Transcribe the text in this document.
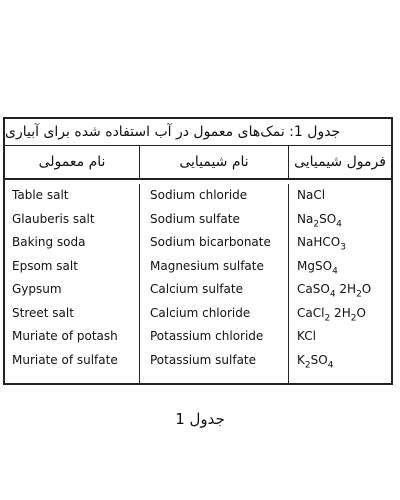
جدول 1: نمک‌های معمول در آب استفاده شده برای آبیاری
فرمول شیمیایی
نام شیمیایی
نام معمولی
Table salt
Glauberis salt
Baking soda
Epsom salt
Gypsum
Street salt
Muriate of potash
Muriate of sulfate
Sodium chloride
Sodium sulfate
Sodium bicarbonate
Magnesium sulfate
Calcium sulfate
Calcium chloride
Potassium chloride
Potassium sulfate
NaCl
$Na_2SO_4$
NaHCO$_3$
MgSO$_4$
CaSO$_4$ $2H_2O$
CaCl$_2$ $2H_2O$
KCl
$K_2SO_4$
جدول 1
